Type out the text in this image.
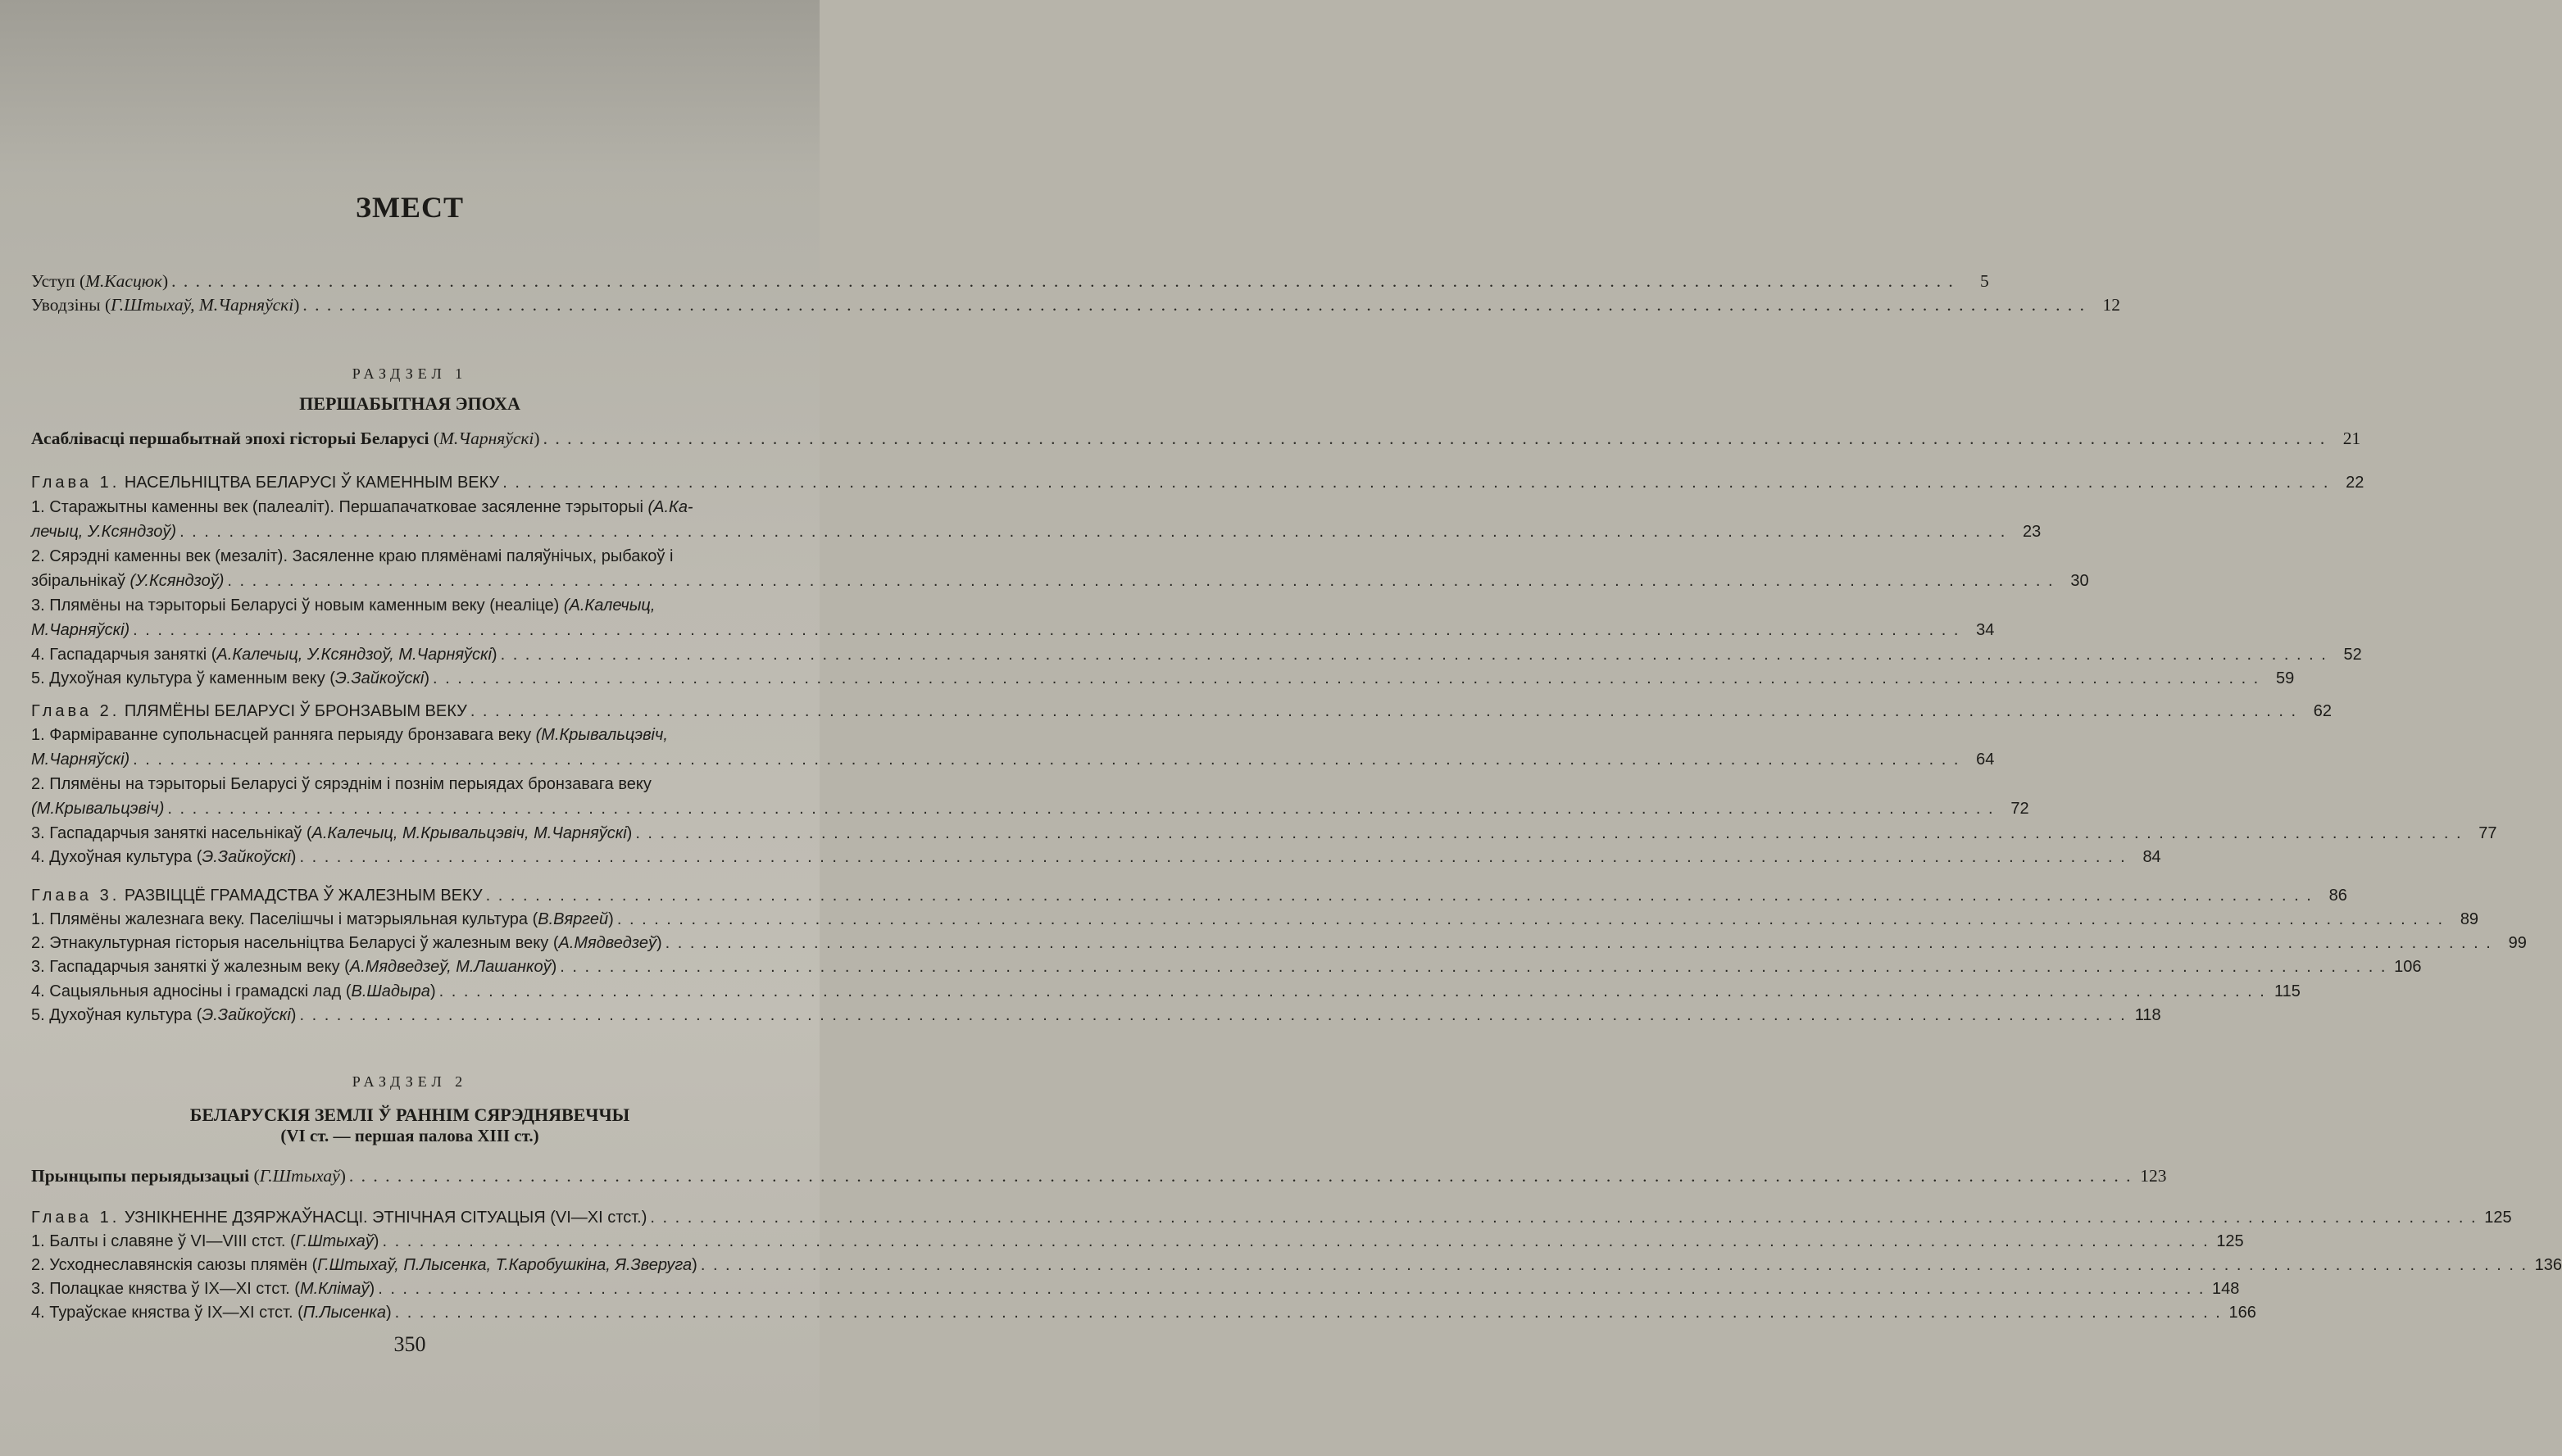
ЗМЕСТ
Уступ (М.Касцюк) . . .	5
Уводзіны (Г.Штыхаў, М.Чарняўскі) . . .	12
РАЗДЗЕЛ 1
ПЕРШАБЫТНАЯ ЭПОХА
Асаблівасці першабытнай эпохі гісторыі Беларусі (М.Чарняўскі) . . .	21
Глава 1. НАСЕЛЬНІЦТВА БЕЛАРУСІ Ў КАМЕННЫМ ВЕКУ . . .	22
1. Старажытны каменны век (палеаліт). Першапачатковае засяленне тэрыторыі (А.Ка-
лечыц, У.Ксяндзоў) . . .	23
2. Сярэдні каменны век (мезаліт). Засяленне краю плямёнамі паляўнічых, рыбакоў і
збіральнікаў (У.Ксяндзоў) . . .	30
3. Плямёны на тэрыторыі Беларусі ў новым каменным веку (неаліце) (А.Калечыц,
М.Чарняўскі) . . .	34
4. Гаспадарчыя заняткі (А.Калечыц, У.Ксяндзоў, М.Чарняўскі) . . .	52
5. Духоўная культура ў каменным веку (Э.Зайкоўскі) . . .	59
Глава 2. ПЛЯМЁНЫ БЕЛАРУСІ Ў БРОНЗАВЫМ ВЕКУ . . .	62
1. Фарміраванне супольнасцей ранняга перыяду бронзавага веку (М.Крывальцэвіч,
М.Чарняўскі) . . .	64
2. Плямёны на тэрыторыі Беларусі ў сярэднім і познім перыядах бронзавага веку
(М.Крывальцэвіч) . . .	72
3. Гаспадарчыя заняткі насельнікаў (А.Калечыц, М.Крывальцэвіч, М.Чарняўскі) . . .	77
4. Духоўная культура (Э.Зайкоўскі) . . .	84
Глава 3. РАЗВІЦЦЁ ГРАМАДСТВА Ў ЖАЛЕЗНЫМ ВЕКУ . . .	86
1. Плямёны жалезнага веку. Паселішчы і матэрыяльная культура (В.Вяргей) . . .	89
2. Этнакультурная гісторыя насельніцтва Беларусі ў жалезным веку (А.Мядведзеў) . . .	99
3. Гаспадарчыя заняткі ў жалезным веку (А.Мядведзеў, М.Лашанкоў) . . .	106
4. Сацыяльныя адносіны і грамадскі лад (В.Шадыра) . . .	115
5. Духоўная культура (Э.Зайкоўскі) . . .	118
РАЗДЗЕЛ 2
БЕЛАРУСКІЯ ЗЕМЛІ Ў РАННІМ СЯРЭДНЯВЕЧЧЫ
(VI ст. — першая палова XIII ст.)
Прынцыпы перыядызацыі (Г.Штыхаў) . . .	123
Глава 1. УЗНІКНЕННЕ ДЗЯРЖАЎНАСЦІ. ЭТНІЧНАЯ СІТУАЦЫЯ (VI—XI стст.) . . .	125
1. Балты і славяне ў VI—VIII стст. (Г.Штыхаў) . . .	125
2. Усходнеславянскія саюзы плямён (Г.Штыхаў, П.Лысенка, Т.Каробушкіна, Я.Зверуга) . . .	136
3. Полацкае княства ў IX—XI стст. (М.Клімаў) . . .	148
4. Тураўскае княства ў IX—XI стст. (П.Лысенка) . . .	166
350
